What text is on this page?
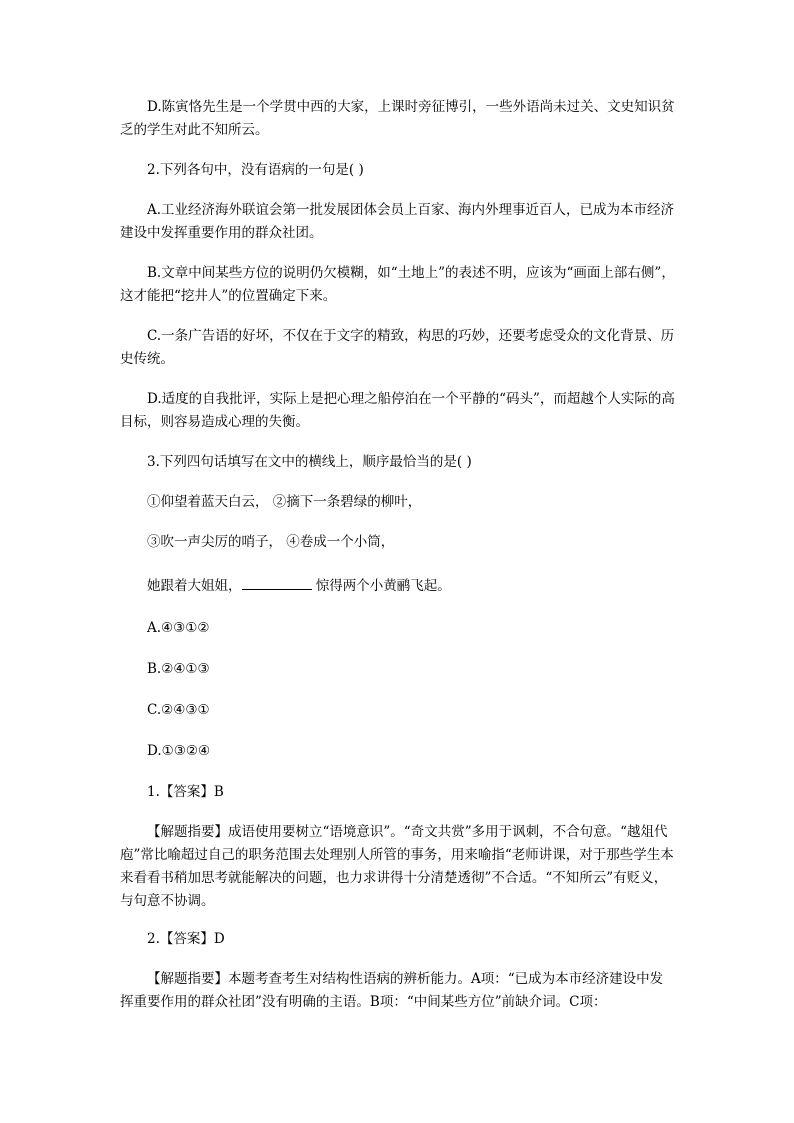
D.陈寅恪先生是一个学贯中西的大家，上课时旁征博引，一些外语尚未过关、文史知识贫乏的学生对此不知所云。
2.下列各句中，没有语病的一句是( )
A.工业经济海外联谊会第一批发展团体会员上百家、海内外理事近百人，已成为本市经济建设中发挥重要作用的群众社团。
B.文章中间某些方位的说明仍欠模糊，如“土地上”的表述不明，应该为“画面上部右侧”，这才能把“挖井人”的位置确定下来。
C.一条广告语的好坏，不仅在于文字的精致，构思的巧妙，还要考虑受众的文化背景、历史传统。
D.适度的自我批评，实际上是把心理之船停泊在一个平静的“码头”，而超越个人实际的高目标，则容易造成心理的失衡。
3.下列四句话填写在文中的横线上，顺序最恰当的是( )
①仰望着蓝天白云， ②摘下一条碧绿的柳叶，
③吹一声尖厉的哨子， ④卷成一个小筒，
她跟着大姐姐，	惊得两个小黄鹂飞起。
A.④③①②
B.②④①③
C.②④③①
D.①③②④
1.【答案】B
【解题指要】成语使用要树立“语境意识”。“奇文共赏”多用于讽刺，不合句意。“越俎代庖”常比喻超过自己的职务范围去处理别人所管的事务，用来喻指“老师讲课，对于那些学生本来看看书稍加思考就能解决的问题，也力求讲得十分清楚透彻”不合适。“不知所云”有贬义，与句意不协调。
2.【答案】D
【解题指要】本题考查考生对结构性语病的辨析能力。A项：“已成为本市经济建设中发挥重要作用的群众社团”没有明确的主语。B项：“中间某些方位”前缺介词。C项：
